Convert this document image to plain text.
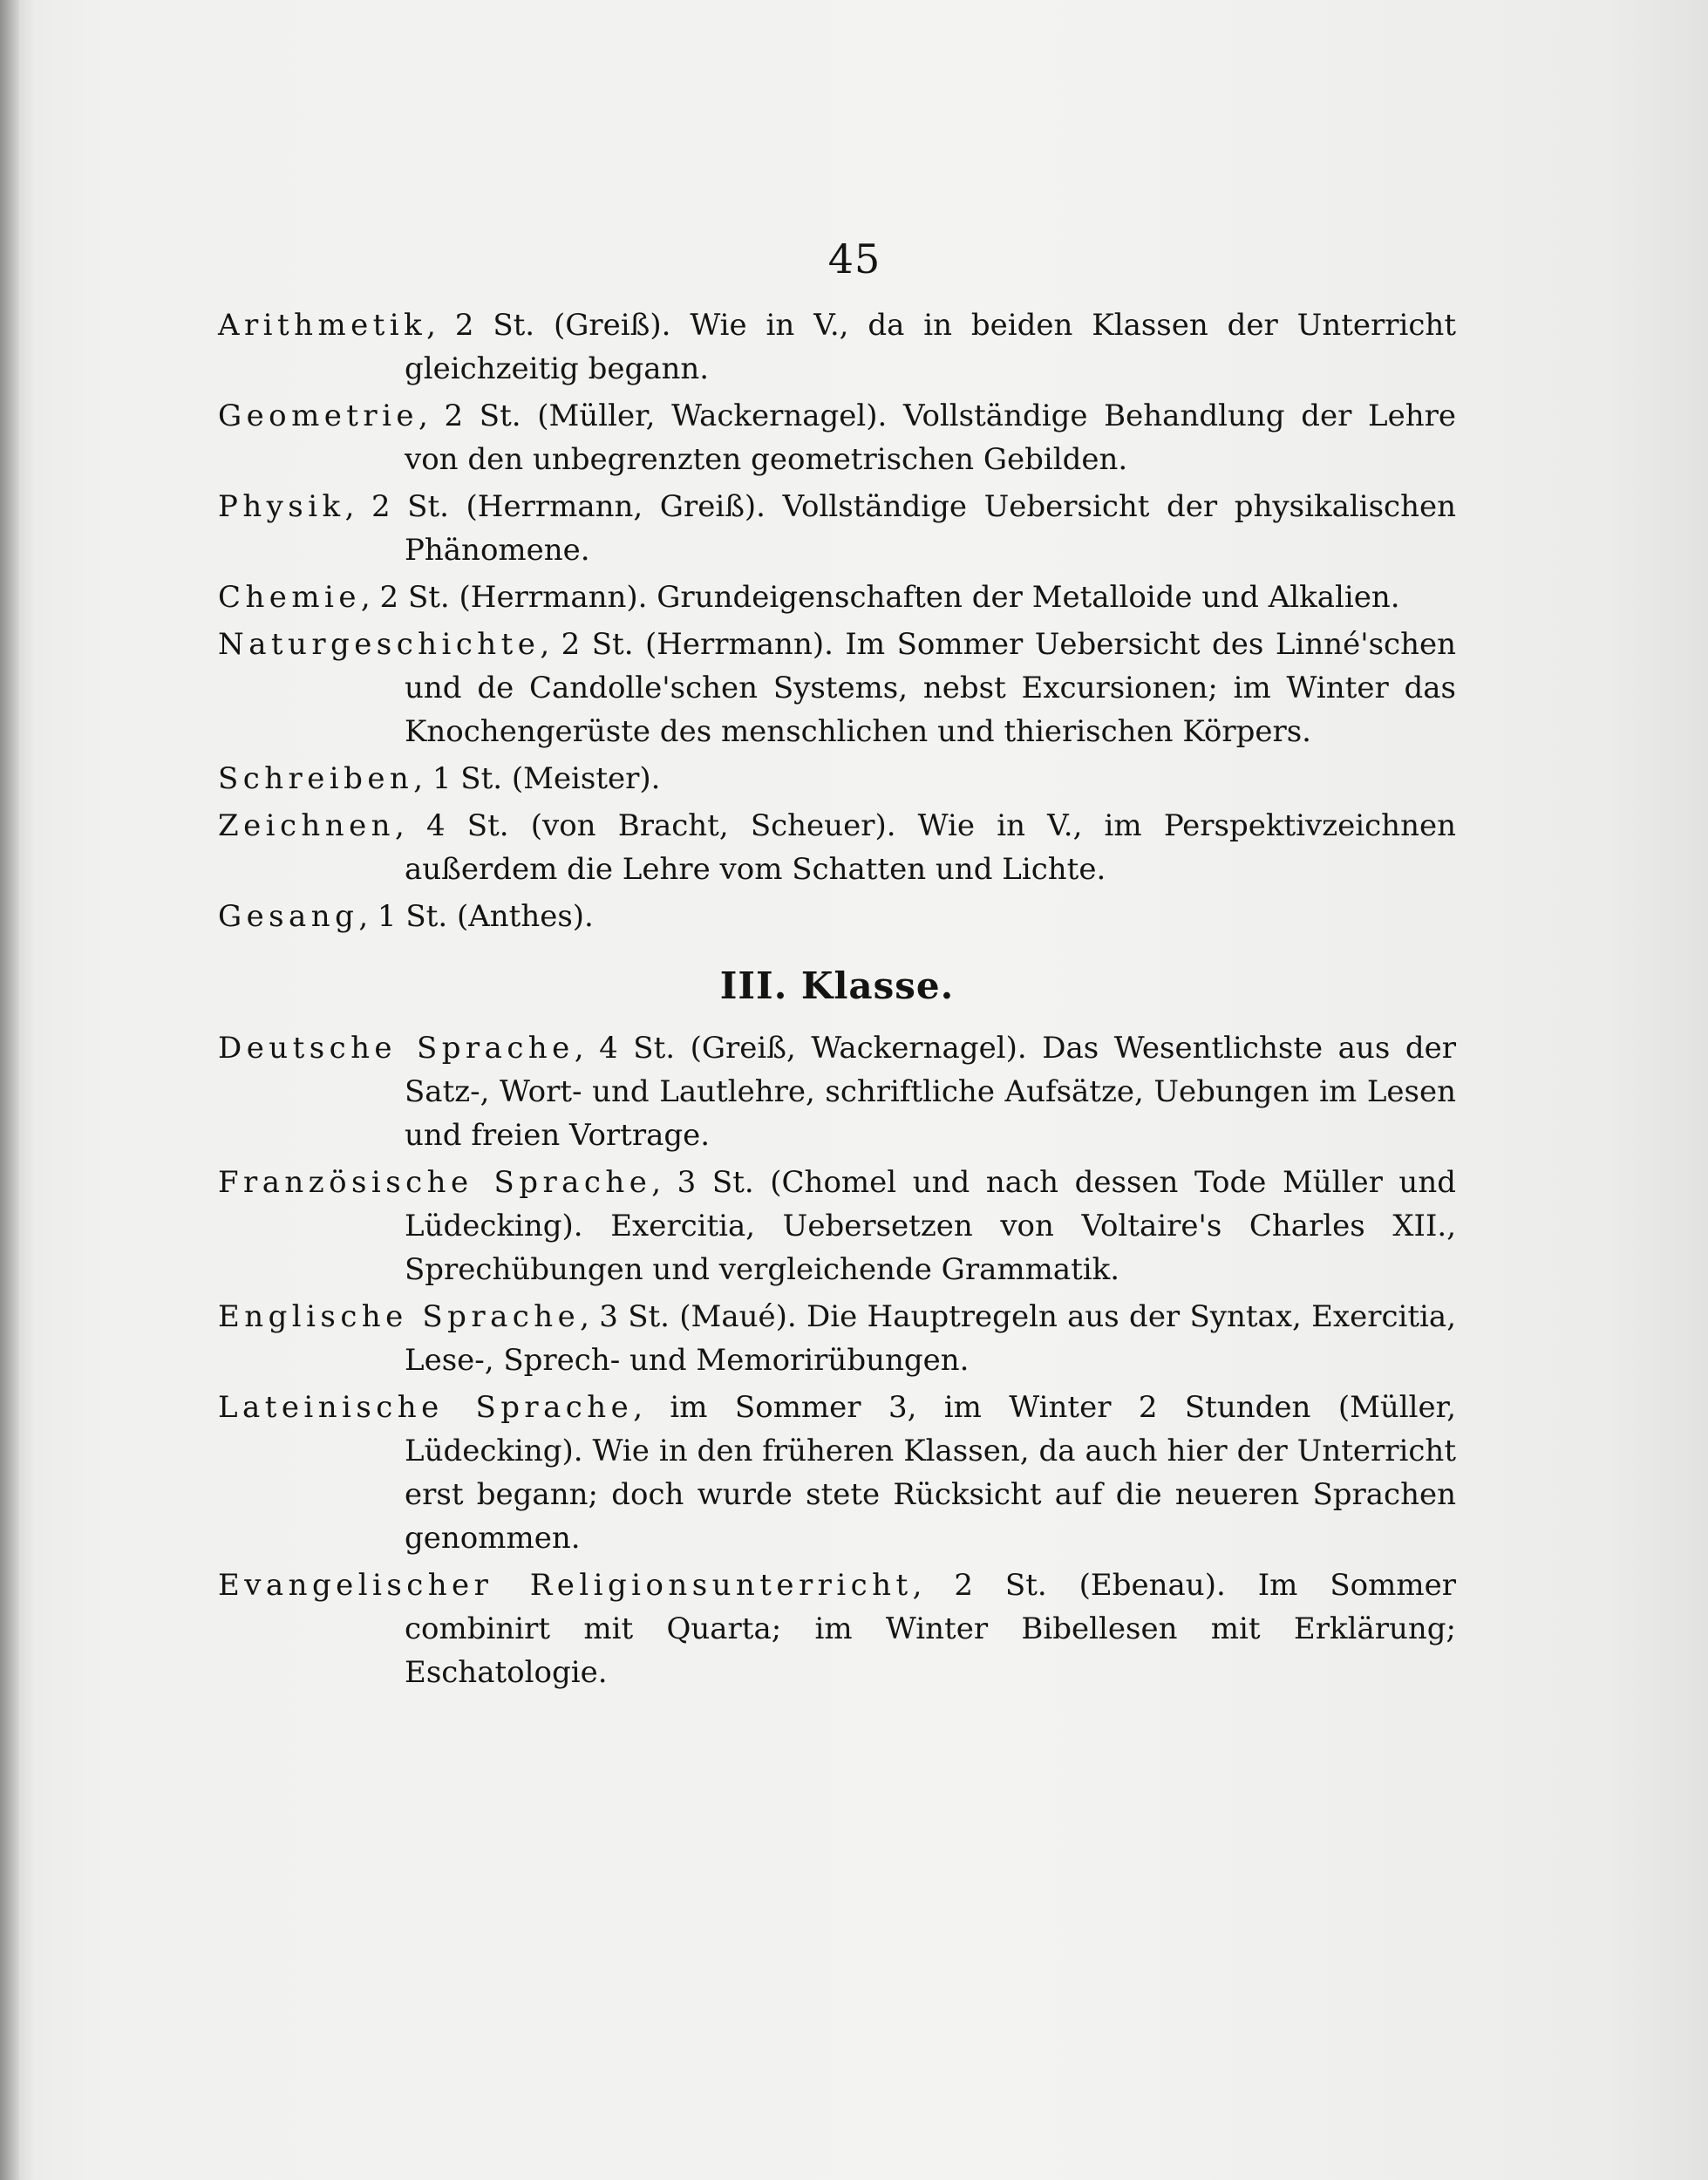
45

Arithmetik, 2 St. (Greiß). Wie in V., da in beiden Klassen der Unterricht gleichzeitig begann.

Geometrie, 2 St. (Müller, Wackernagel). Vollständige Behandlung der Lehre von den unbegrenzten geometrischen Gebilden.

Physik, 2 St. (Herrmann, Greiß). Vollständige Uebersicht der physikalischen Phänomene.

Chemie, 2 St. (Herrmann). Grundeigenschaften der Metalloide und Alkalien.

Naturgeschichte, 2 St. (Herrmann). Im Sommer Uebersicht des Linné'schen und de Candolle'schen Systems, nebst Excursionen; im Winter das Knochengerüste des menschlichen und thierischen Körpers.

Schreiben, 1 St. (Meister).

Zeichnen, 4 St. (von Bracht, Scheuer). Wie in V., im Perspektivzeichnen außerdem die Lehre vom Schatten und Lichte.

Gesang, 1 St. (Anthes).

III. Klasse.

Deutsche Sprache, 4 St. (Greiß, Wackernagel). Das Wesentlichste aus der Satz-, Wort- und Lautlehre, schriftliche Aufsätze, Uebungen im Lesen und freien Vortrage.

Französische Sprache, 3 St. (Chomel und nach dessen Tode Müller und Lüdecking). Exercitia, Uebersetzen von Voltaire's Charles XII., Sprechübungen und vergleichende Grammatik.

Englische Sprache, 3 St. (Maué). Die Hauptregeln aus der Syntax, Exercitia, Lese-, Sprech- und Memorirübungen.

Lateinische Sprache, im Sommer 3, im Winter 2 Stunden (Müller, Lüdecking). Wie in den früheren Klassen, da auch hier der Unterricht erst begann; doch wurde stete Rücksicht auf die neueren Sprachen genommen.

Evangelischer Religionsunterricht, 2 St. (Ebenau). Im Sommer combinirt mit Quarta; im Winter Bibellesen mit Erklärung; Eschatologie.
